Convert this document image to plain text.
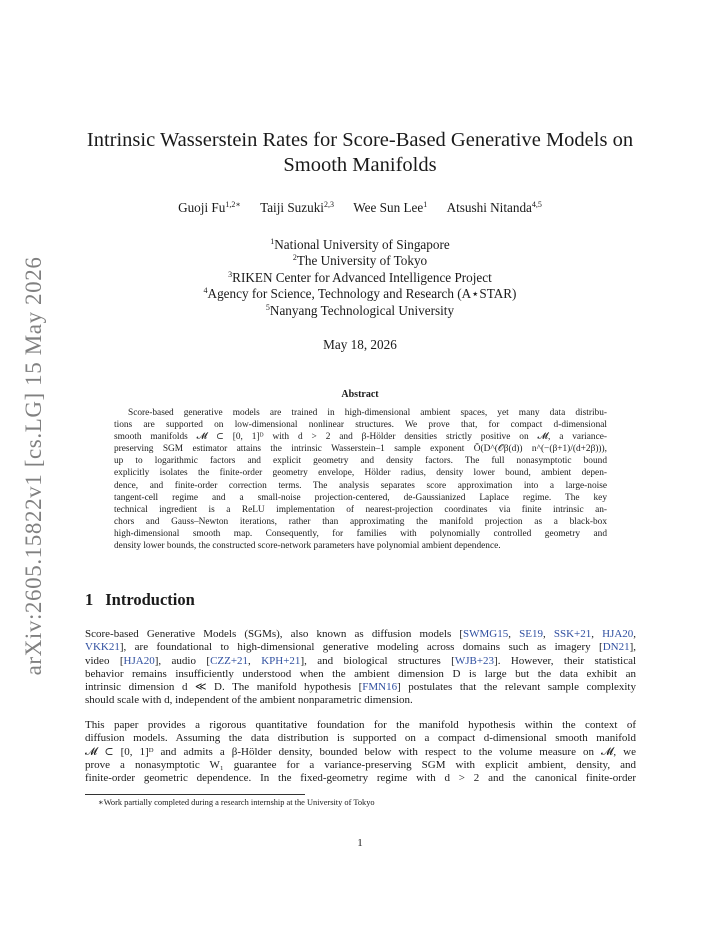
arXiv:2605.15822v1 [cs.LG] 15 May 2026
Intrinsic Wasserstein Rates for Score-Based Generative Models on
Smooth Manifolds
Guoji $Fu^{1,2∗}$ Taiji Suzuki$^{2,3}$ Wee Sun Lee$^1$ Atsushi Nitanda$^{4,5}$
$^1$National University of Singapore
$^2$The University of Tokyo
$^3$RIKEN Center for Advanced Intelligence Project
$^4$Agency for Science, Technology and Research (A⋆STAR)
$^5$Nanyang Technological University
May 18, 2026
Abstract
Score-based generative models are trained in high-dimensional ambient spaces, yet many data distribu-
tions are supported on low-dimensional nonlinear structures. We prove that, for compact d-dimensional
smooth manifolds 𝓜 ⊂ [0, 1]ᴰ with d > 2 and β-Hölder densities strictly positive on 𝓜, a variance-
preserving SGM estimator attains the intrinsic Wasserstein–1 sample exponent Õ(D^(𝒪β(d)) n^(−(β+1)/(d+2β))),
up to logarithmic factors and explicit geometry and density factors. The full nonasymptotic bound
explicitly isolates the finite-order geometry envelope, Hölder radius, density lower bound, ambient depen-
dence, and finite-order correction terms. The analysis separates score approximation into a large-noise
tangent-cell regime and a small-noise projection-centered, de-Gaussianized Laplace regime. The key
technical ingredient is a ReLU implementation of nearest-projection coordinates via finite intrinsic an-
chors and Gauss–Newton iterations, rather than approximating the manifold projection as a black-box
high-dimensional smooth map. Consequently, for families with polynomially controlled geometry and
density lower bounds, the constructed score-network parameters have polynomial ambient dependence.
1 Introduction
Score-based Generative Models (SGMs), also known as diffusion models [SWMG15, SE19, SSK+21, HJA20,
VKK21], are foundational to high-dimensional generative modeling across domains such as imagery [DN21],
video [HJA20], audio [CZZ+21, KPH+21], and biological structures [WJB+23]. However, their statistical
behavior remains insufficiently understood when the ambient dimension D is large but the data exhibit an
intrinsic dimension d ≪ D. The manifold hypothesis [FMN16] postulates that the relevant sample complexity
should scale with d, independent of the ambient nonparametric dimension.
This paper provides a rigorous quantitative foundation for the manifold hypothesis within the context of
diffusion models. Assuming the data distribution is supported on a compact d-dimensional smooth manifold
𝓜 ⊂ [0, 1]ᴰ and admits a β-Hölder density, bounded below with respect to the volume measure on 𝓜, we
prove a nonasymptotic W₁ guarantee for a variance-preserving SGM with explicit ambient, density, and
finite-order geometric dependence. In the fixed-geometry regime with d > 2 and the canonical finite-order
∗Work partially completed during a research internship at the University of Tokyo
1
